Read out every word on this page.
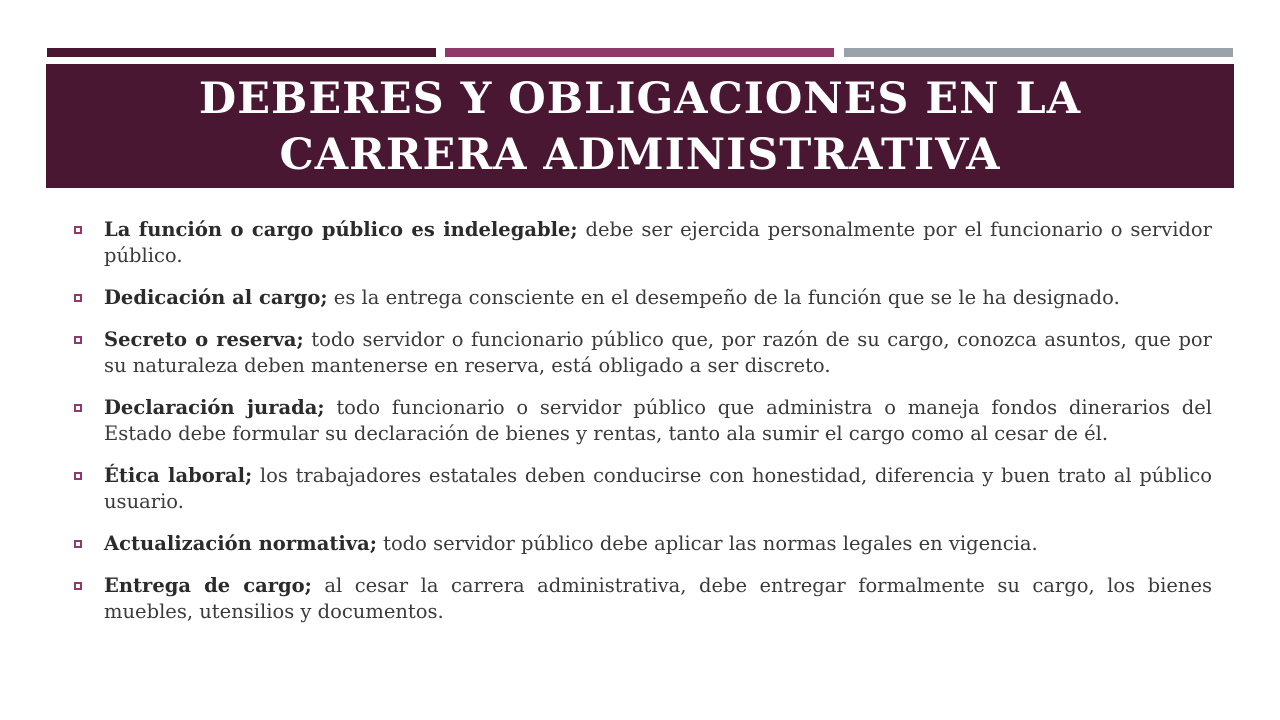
DEBERES Y OBLIGACIONES EN LA
CARRERA ADMINISTRATIVA
La función o cargo público es indelegable; debe ser ejercida personalmente por el funcionario o servidor público.
Dedicación al cargo; es la entrega consciente en el desempeño de la función que se le ha designado.
Secreto o reserva; todo servidor o funcionario público que, por razón de su cargo, conozca asuntos, que por su naturaleza deben mantenerse en reserva, está obligado a ser discreto.
Declaración jurada; todo funcionario o servidor público que administra o maneja fondos dinerarios del Estado debe formular su declaración de bienes y rentas, tanto ala sumir el cargo como al cesar de él.
Ética laboral; los trabajadores estatales deben conducirse con honestidad, diferencia y buen trato al público usuario.
Actualización normativa; todo servidor público debe aplicar las normas legales en vigencia.
Entrega de cargo; al cesar la carrera administrativa, debe entregar formalmente su cargo, los bienes muebles, utensilios y documentos.
